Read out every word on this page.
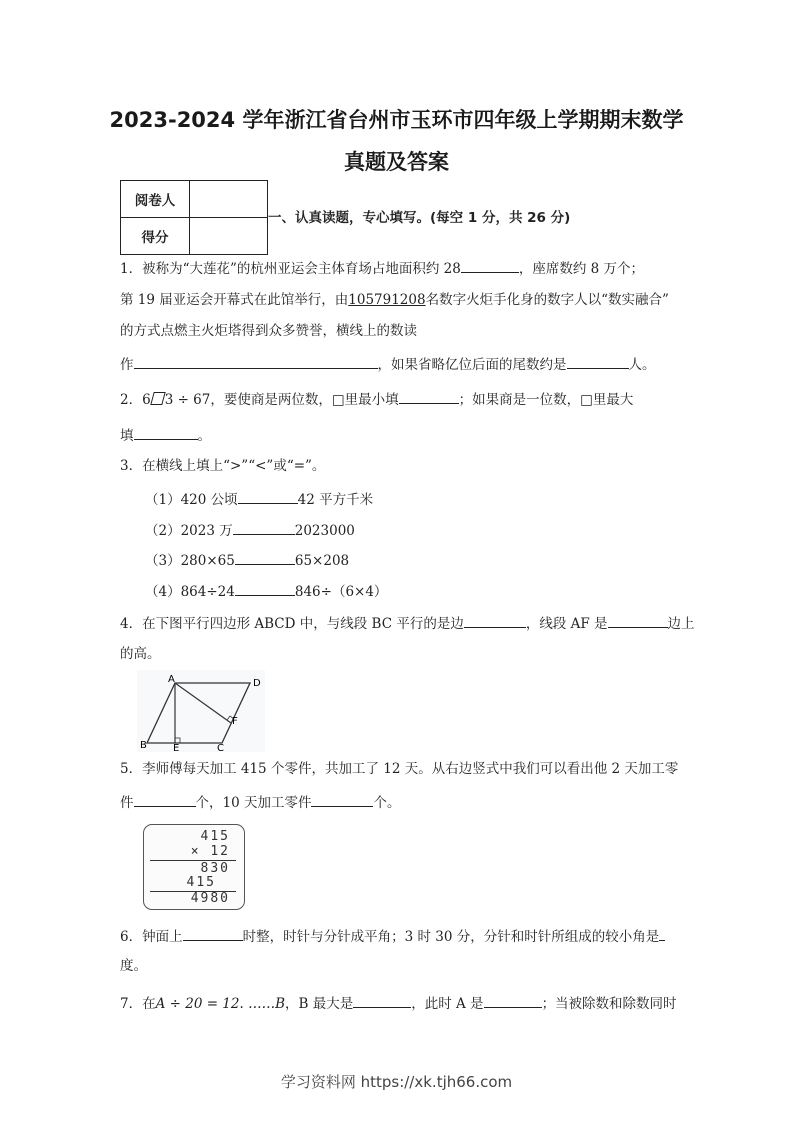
2023-2024 学年浙江省台州市玉环市四年级上学期期末数学
真题及答案
阅卷人	
得分	
一、认真读题，专心填写。(每空 1 分，共 26 分)
1．被称为“大莲花”的杭州亚运会主体育场占地面积约 28	，座席数约 8 万个；
第 19 届亚运会开幕式在此馆举行，由105791208名数字火炬手化身的数字人以“数实融合”
的方式点燃主火炬塔得到众多赞誉，横线上的数读
作	，如果省略亿位后面的尾数约是	人。
2．6 3 ÷ 67，要使商是两位数，□里最小填	；如果商是一位数，□里最大
填	。
3．在横线上填上“>”“<”或“=”。
（1）420 公顷	42 平方千米
（2）2023 万	2023000
（3）280×65	65×208
（4）864÷24	846÷（6×4）
4．在下图平行四边形 ABCD 中，与线段 BC 平行的是边	，线段 AF 是	边上
的高。
A	D
F
B	E	C
5．李师傅每天加工 415 个零件，共加工了 12 天。从右边竖式中我们可以看出他 2 天加工零
件	个，10 天加工零件	个。
415
× 12
830
415
4980
6．钟面上	时整，时针与分针成平角；3 时 30 分，分针和时针所组成的较小角是
度。
7．在A ÷ 20 = 12. ……B，B 最大是	，此时 A 是	；当被除数和除数同时
学习资料网 https://xk.tjh66.com
